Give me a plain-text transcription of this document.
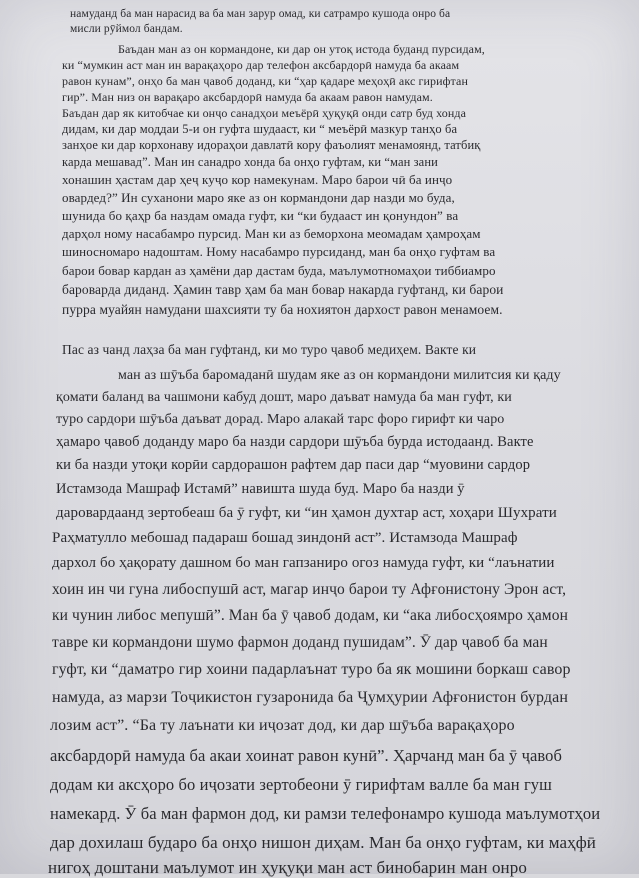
намуданд ба ман нарасид ва ба ман зарур омад, ки сатрамро кушода онро ба
мисли рӯймол бандам.
Баъдан ман аз он кормандоне, ки дар он утоқ истода буданд пурсидам,
ки “мумкин аст ман ин варақаҳоро дар телефон аксбардорӣ намуда ба акаам
равон кунам”, онҳо ба ман ҷавоб доданд, ки “ҳар қадаре меҳоҳӣ акс гирифтан
гир”. Ман низ он варақаро аксбардорӣ намуда ба акаам равон намудам.
Баъдан дар як китобчае ки онҷо санадҳои меъёрӣ ҳуқуқӣ онди сатр буд хонда
дидам, ки дар моддаи 5-и он гуфта шудааст, ки “ меъёрӣ мазкур танҳо ба
занҳое ки дар корхонаву идораҳои давлатӣ кору фаъолият менамоянд, татбиқ
карда мешавад”. Ман ин санадро хонда ба онҳо гуфтам, ки “ман зани
хонашин ҳастам дар ҳеҷ куҷо кор намекунам. Маро барои чӣ ба инҷо
овардед?” Ин суханони маро яке аз он кормандони дар назди мо буда,
шунида бо қаҳр ба наздам омада гуфт, ки “ки будааст ин қонундон” ва
дарҳол ному насабамро пурсид. Ман ки аз беморхона меомадам ҳамроҳам
шиносномаро надоштам. Ному насабамро пурсиданд, ман ба онҳо гуфтам ва
барои бовар кардан аз ҳамёни дар дастам буда, маълумотномаҳои тиббиамро
бароварда диданд. Ҳамин тавр ҳам ба ман бовар накарда гуфтанд, ки барои
пурра муайян намудани шахсияти ту ба нохиятон дархост равон менамоем.
Пас аз чанд лаҳза ба ман гуфтанд, ки мо туро ҷавоб медиҳем. Вакте ки
ман аз шӯъба баромаданӣ шудам яке аз он кормандони милитсия ки қаду
қомати баланд ва чашмони кабуд дошт, маро даъват намуда ба ман гуфт, ки
туро сардори шӯъба даъват дорад. Маро алакай тарс форо гирифт ки чаро
ҳамаро ҷавоб доданду маро ба назди сардори шӯъба бурда истодаанд. Вакте
ки ба назди утоқи корӣи сардорашон рафтем дар паси дар “муовини сардор
Истамзода Машраф Истамӣ” навишта шуда буд. Маро ба назди ӯ
даровардаанд зертобеаш ба ӯ гуфт, ки “ин ҳамон духтар аст, хоҳари Шухрати
Раҳматулло мебошад падараш бошад зиндонӣ аст”. Истамзода Машраф
дархол бо ҳақорату дашном бо ман гапзаниро огоз намуда гуфт, ки “лаънатии
хоин ин чи гуна либоспушӣ аст, магар инҷо барои ту Афғонистону Эрон аст,
ки чунин либос мепушӣ”. Ман ба ӯ ҷавоб додам, ки “ака либосҳоямро ҳамон
тавре ки кормандони шумо фармон доданд пушидам”. Ӯ дар ҷавоб ба ман
гуфт, ки “даматро гир хоини падарлаънат туро ба як мошини боркаш савор
намуда, аз марзи Тоҷикистон гузаронида ба Ҷумҳурии Афғонистон бурдан
лозим аст”. “Ба ту лаънати ки иҷозат дод, ки дар шӯъба варақаҳоро
аксбардорӣ намуда ба акаи хоинат равон кунӣ”. Ҳарчанд ман ба ӯ ҷавоб
додам ки аксҳоро бо иҷозати зертобеони ӯ гирифтам валле ба ман гуш
намекард. Ӯ ба ман фармон дод, ки рамзи телефонамро кушода маълумотҳои
дар дохилаш бударо ба онҳо нишон диҳам. Ман ба онҳо гуфтам, ки маҳфӣ
нигоҳ доштани маълумот ин ҳуқуқи ман аст бинобарин ман онро
